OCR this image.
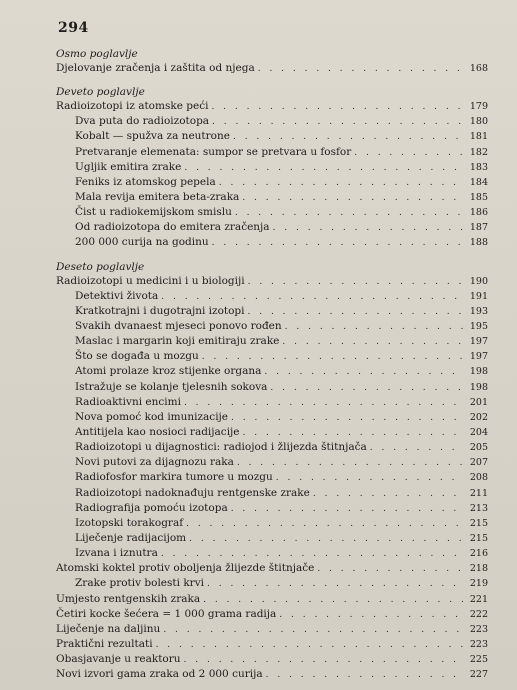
294
Osmo poglavlje
Djelovanje zračenja i zaštita od njega . . .	168
Deveto poglavlje
Radioizotopi iz atomske peći . . .	179
Dva puta do radioizotopa . . .	180
Kobalt — spužva za neutrone . . .	181
Pretvaranje elemenata: sumpor se pretvara u fosfor . . .	182
Ugljik emitira zrake . . .	183
Feniks iz atomskog pepela . . .	184
Mala revija emitera beta-zraka . . .	185
Čist u radiokemijskom smislu . . .	186
Od radioizotopa do emitera zračenja . . .	187
200 000 curija na godinu . . .	188
Deseto poglavlje
Radioizotopi u medicini i u biologiji . . .	190
Detektivi života . . .	191
Kratkotrajni i dugotrajni izotopi . . .	193
Svakih dvanaest mjeseci ponovo rođen . . .	195
Maslac i margarin koji emitiraju zrake . . .	197
Što se događa u mozgu . . .	197
Atomi prolaze kroz stijenke organa . . .	198
Istražuje se kolanje tjelesnih sokova . . .	198
Radioaktivni encimi . . .	201
Nova pomoć kod imunizacije . . .	202
Antitijela kao nosioci radijacije . . .	204
Radioizotopi u dijagnostici: radiojod i žlijezda štitnjača . . .	205
Novi putovi za dijagnozu raka . . .	207
Radiofosfor markira tumore u mozgu . . .	208
Radioizotopi nadoknađuju rentgenske zrake . . .	211
Radiografija pomoću izotopa . . .	213
Izotopski torakograf . . .	215
Liječenje radijacijom . . .	215
Izvana i iznutra . . .	216
Atomski koktel protiv oboljenja žlijezde štitnjače . . .	218
Zrake protiv bolesti krvi . . .	219
Umjesto rentgenskih zraka . . .	221
Četiri kocke šećera = 1 000 grama radija . . .	222
Liječenje na daljinu . . .	223
Praktični rezultati . . .	223
Obasjavanje u reaktoru . . .	225
Novi izvori gama zraka od 2 000 curija . . .	227
